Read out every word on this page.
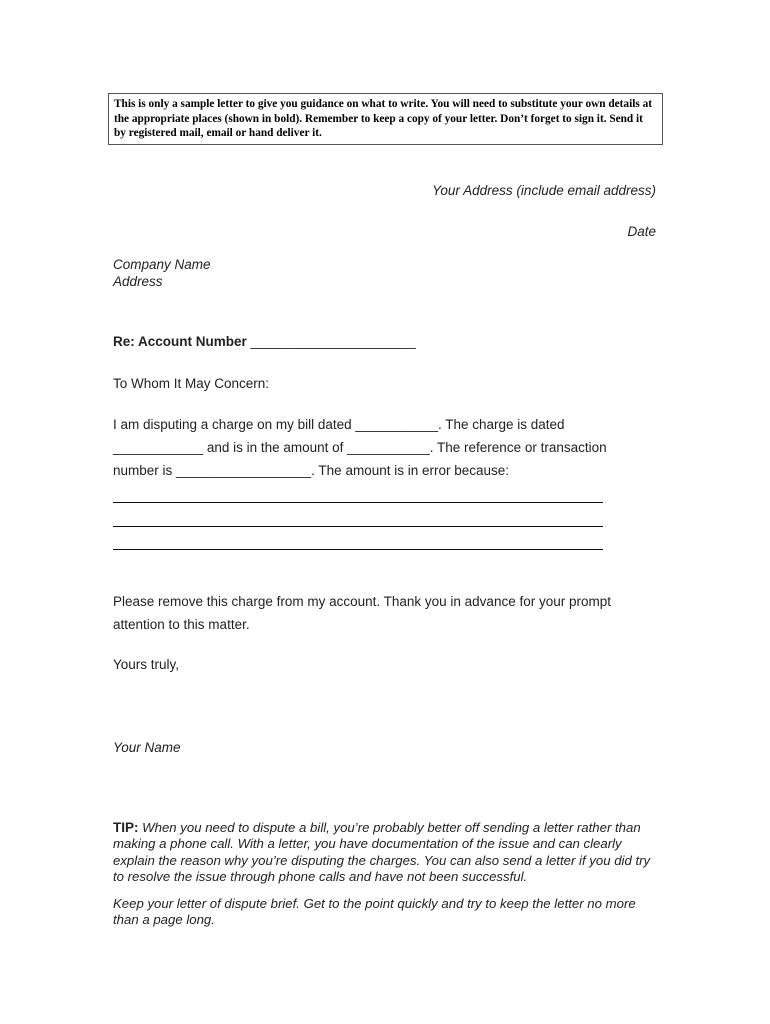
This is only a sample letter to give you guidance on what to write. You will need to substitute your own details at the appropriate places (shown in bold). Remember to keep a copy of your letter. Don’t forget to sign it. Send it by registered mail, email or hand deliver it.
Your Address (include email address)
Date
Company Name
Address
Re: Account Number ______________________
To Whom It May Concern:
I am disputing a charge on my bill dated ___________. The charge is dated
____________ and is in the amount of ___________. The reference or transaction
number is __________________. The amount is in error because:
Please remove this charge from my account. Thank you in advance for your prompt
attention to this matter.
Yours truly,
Your Name
TIP: When you need to dispute a bill, you’re probably better off sending a letter rather than making a phone call. With a letter, you have documentation of the issue and can clearly explain the reason why you’re disputing the charges. You can also send a letter if you did try to resolve the issue through phone calls and have not been successful.
Keep your letter of dispute brief. Get to the point quickly and try to keep the letter no more than a page long.
